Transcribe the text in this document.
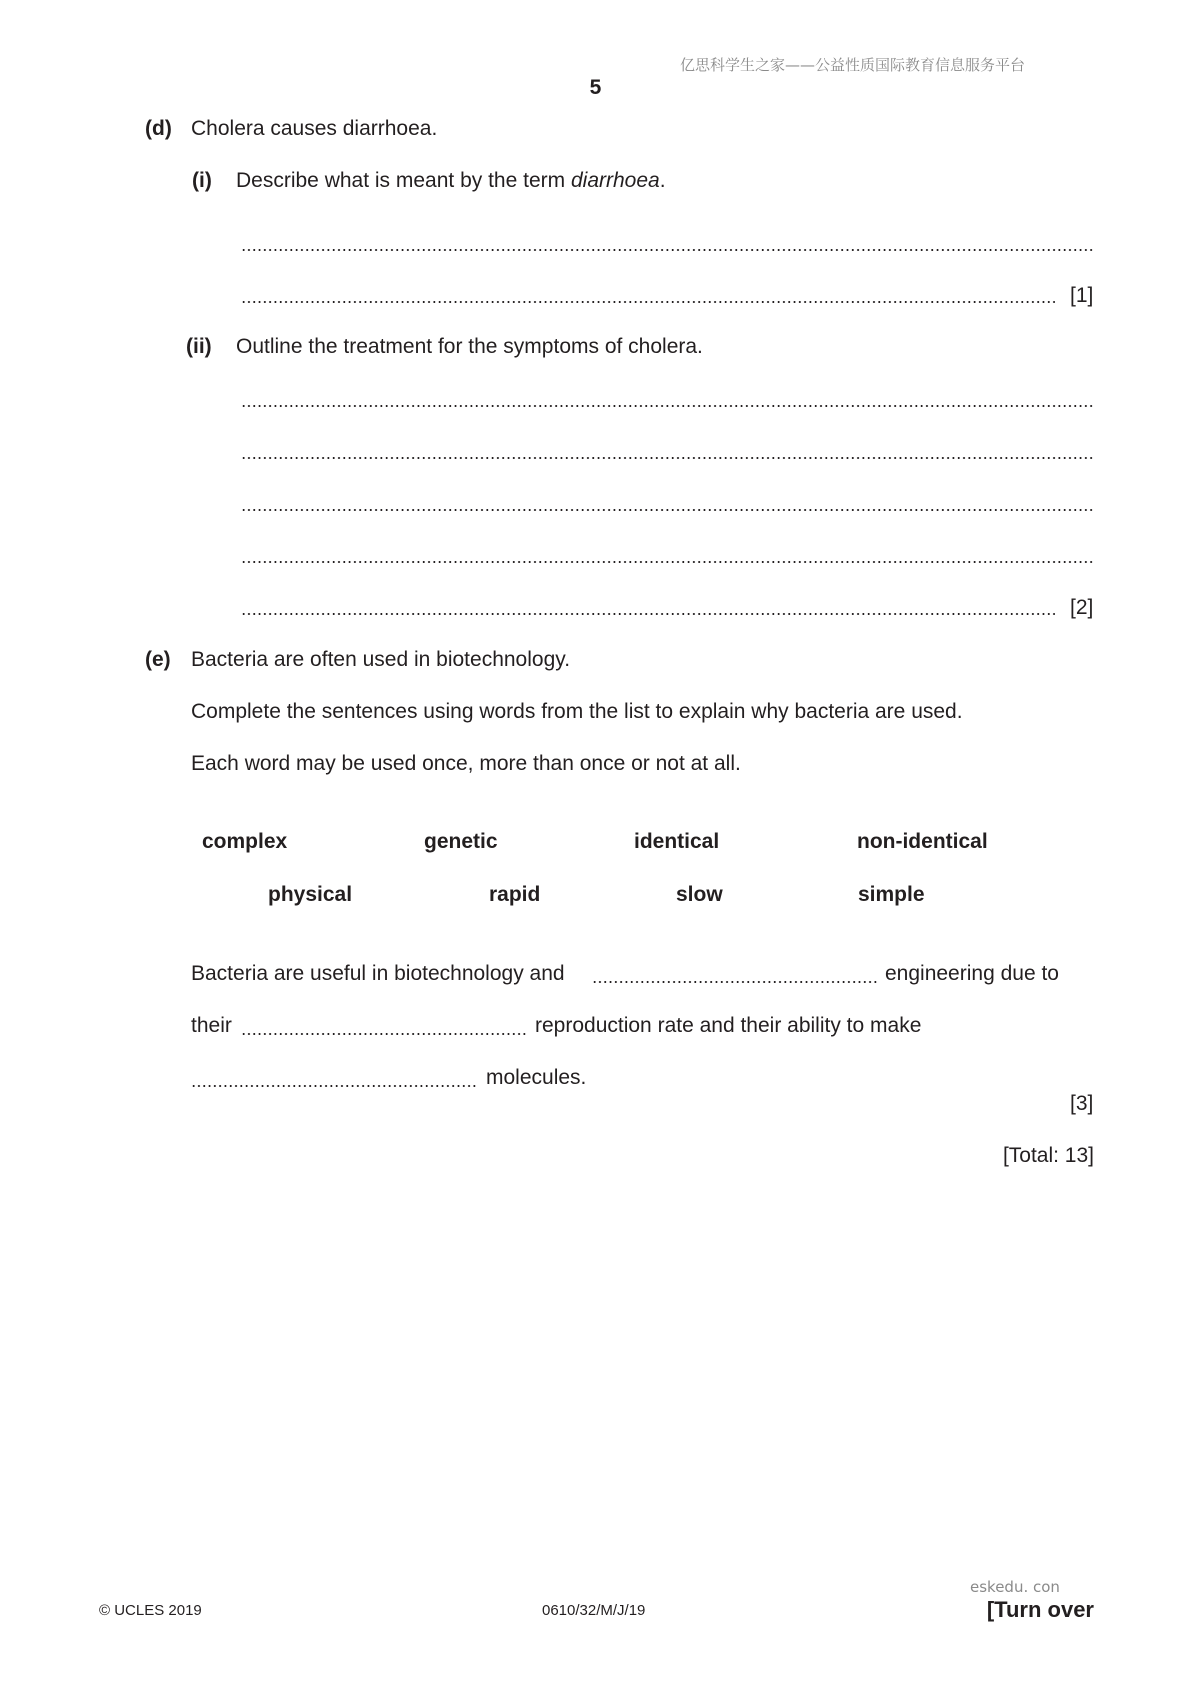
亿思科学生之家——公益性质国际教育信息服务平台
5
(d) Cholera causes diarrhoea.
(i) Describe what is meant by the term diarrhoea.
[1]
(ii) Outline the treatment for the symptoms of cholera.
[2]
(e) Bacteria are often used in biotechnology.
Complete the sentences using words from the list to explain why bacteria are used.
Each word may be used once, more than once or not at all.
complex	genetic	identical	non-identical
physical	rapid	slow	simple
Bacteria are useful in biotechnology and	engineering due to
their	reproduction rate and their ability to make
molecules.
[3]
[Total: 13]
© UCLES 2019	0610/32/M/J/19
eskedu. con
[Turn over
